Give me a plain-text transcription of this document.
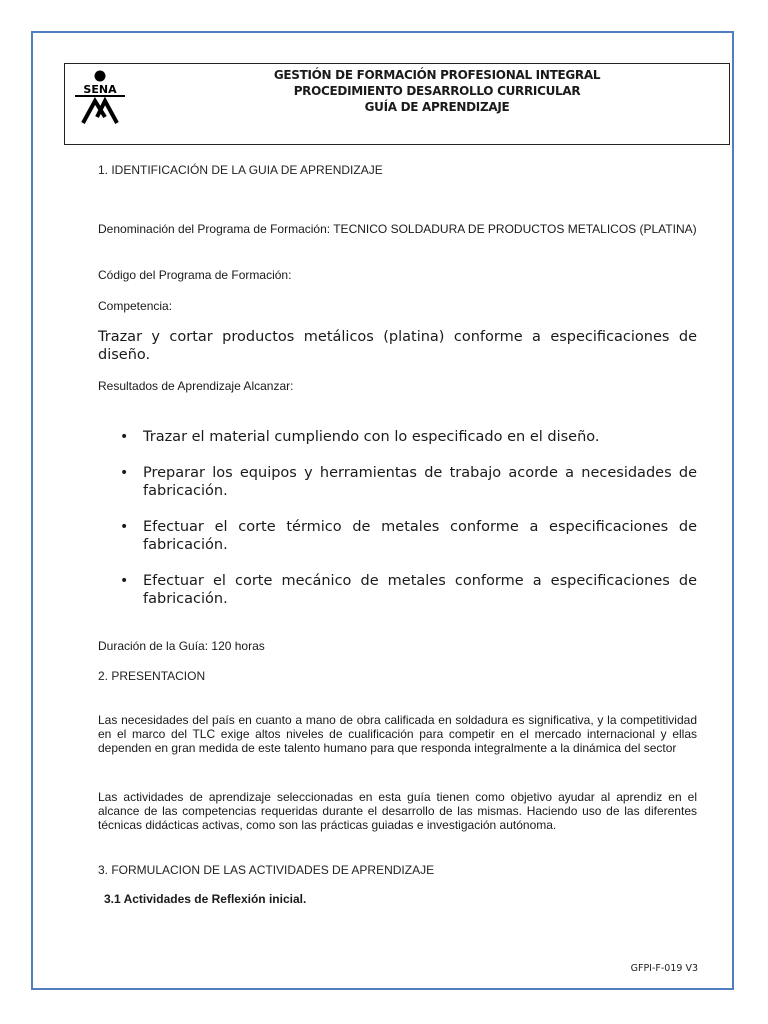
SENA
GESTIÓN DE FORMACIÓN PROFESIONAL INTEGRAL
PROCEDIMIENTO DESARROLLO CURRICULAR
GUÍA DE APRENDIZAJE
1. IDENTIFICACIÓN DE LA GUIA DE APRENDIZAJE
Denominación del Programa de Formación: TECNICO SOLDADURA DE PRODUCTOS METALICOS (PLATINA)
Código del Programa de Formación:
Competencia:
Trazar y cortar productos metálicos (platina) conforme a especificaciones de diseño.
Resultados de Aprendizaje Alcanzar:
• Trazar el material cumpliendo con lo especificado en el diseño.
• Preparar los equipos y herramientas de trabajo acorde a necesidades de fabricación.
• Efectuar el corte térmico de metales conforme a especificaciones de fabricación.
• Efectuar el corte mecánico de metales conforme a especificaciones de fabricación.
Duración de la Guía: 120 horas
2. PRESENTACION
Las necesidades del país en cuanto a mano de obra calificada en soldadura es significativa, y la competitividad en el marco del TLC exige altos niveles de cualificación para competir en el mercado internacional y ellas dependen en gran medida de este talento humano para que responda integralmente a la dinámica del sector
Las actividades de aprendizaje seleccionadas en esta guía tienen como objetivo ayudar al aprendiz en el alcance de las competencias requeridas durante el desarrollo de las mismas. Haciendo uso de las diferentes técnicas didácticas activas, como son las prácticas guiadas e investigación autónoma.
3. FORMULACION DE LAS ACTIVIDADES DE APRENDIZAJE
3.1 Actividades de Reflexión inicial.
GFPI-F-019 V3
